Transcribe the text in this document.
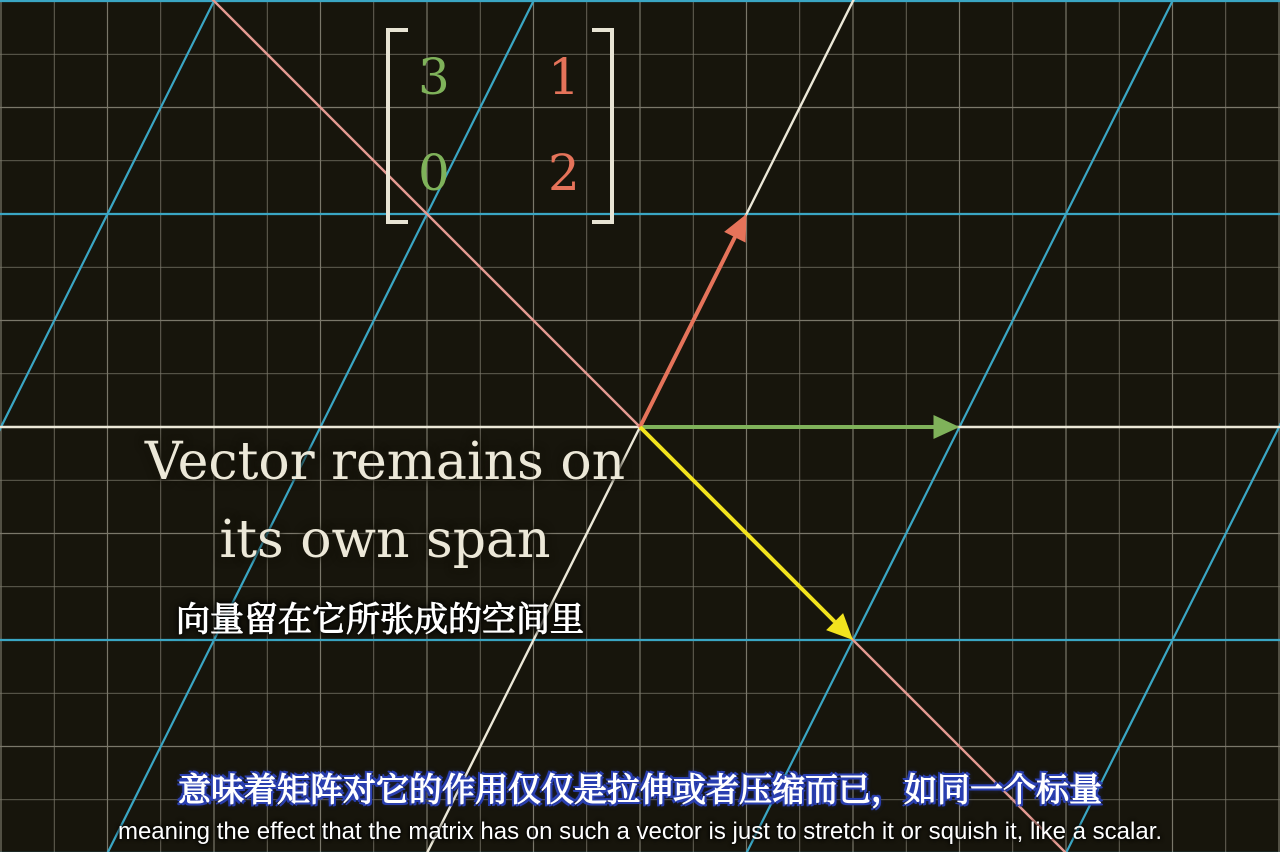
3 1
0 2
Vector remains on
its own span
向量留在它所张成的空间里
意味着矩阵对它的作用仅仅是拉伸或者压缩而已，如同一个标量
meaning the effect that the matrix has on such a vector is just to stretch it or squish it, like a scalar.
